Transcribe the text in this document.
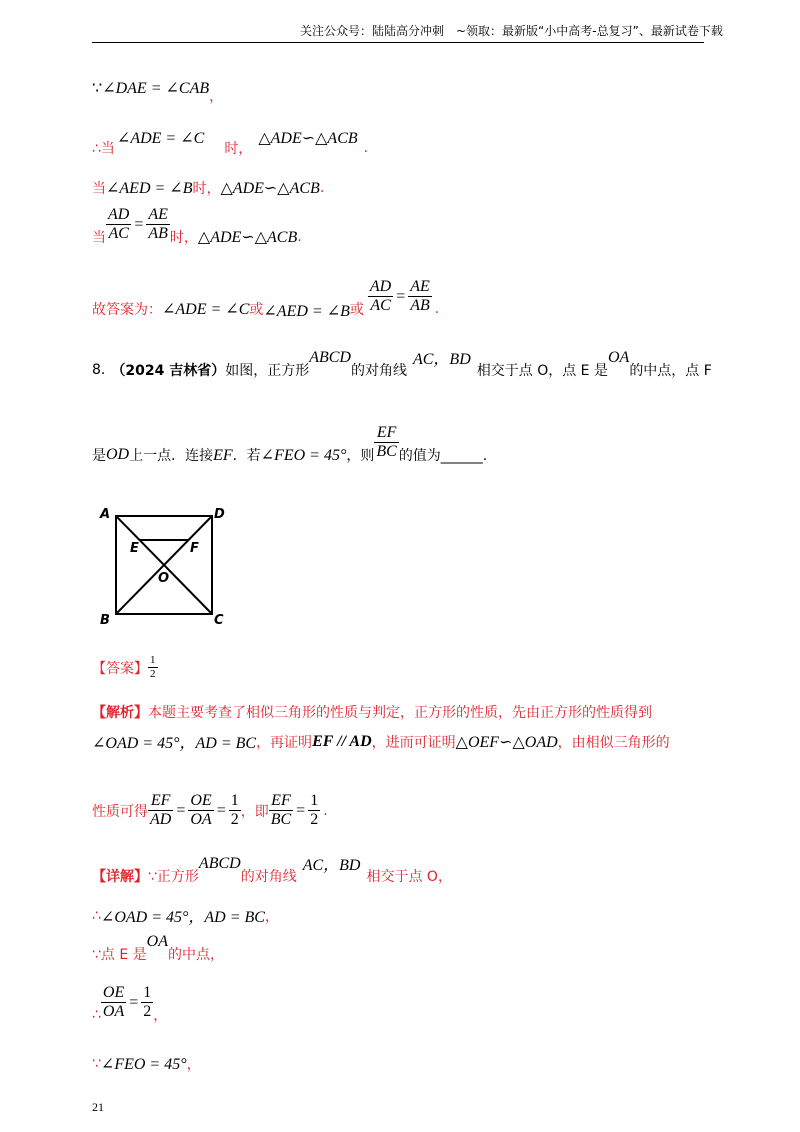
关注公众号：陆陆高分冲刺　~领取：最新版“小中高考-总复习”、最新试卷下载
∵ ∠DAE = ∠CAB ，
∴当
∠ADE = ∠C
时，
△ADE∽△ACB
.
当 ∠AED = ∠B 时， △ADE∽△ACB .
当 $\frac{AD}{AC} = \frac{AE}{AB}$ 时， △ADE∽△ACB .
故答案为： ∠ADE = ∠C 或 ∠AED = ∠B 或 $\frac{AD}{AC} = \frac{AE}{AB}$ .
8. （2024 吉林省） 如图，正方形
ABCD
的对角线
AC，BD
相交于点 O，点 E 是
OA
的中点，点 F
是 OD 上一点．连接 EF ．若 ∠FEO = 45° ，则 $\frac{EF}{BC}$ 的值为______.
A	D
E	F
O
B	C
【答案】 $\frac{1}{2}$
【解析】本题主要考查了相似三角形的性质与判定，正方形的性质，先由正方形的性质得到
∠OAD = 45°，AD = BC ，再证明 EF // AD ，进而可证明 △OEF∽△OAD ，由相似三角形的
性质可得 $\frac{EF}{AD} = \frac{OE}{OA} = \frac{1}{2}$ ，即 $\frac{EF}{BC} = \frac{1}{2}$ .
【详解】 ∵正方形
ABCD
的对角线
AC，BD
相交于点 O，
∴ ∠OAD = 45°，AD = BC ，
∵点 E 是
OA
的中点，
∴ $\frac{OE}{OA} = \frac{1}{2}$ ，
∵ ∠FEO = 45° ，
21
